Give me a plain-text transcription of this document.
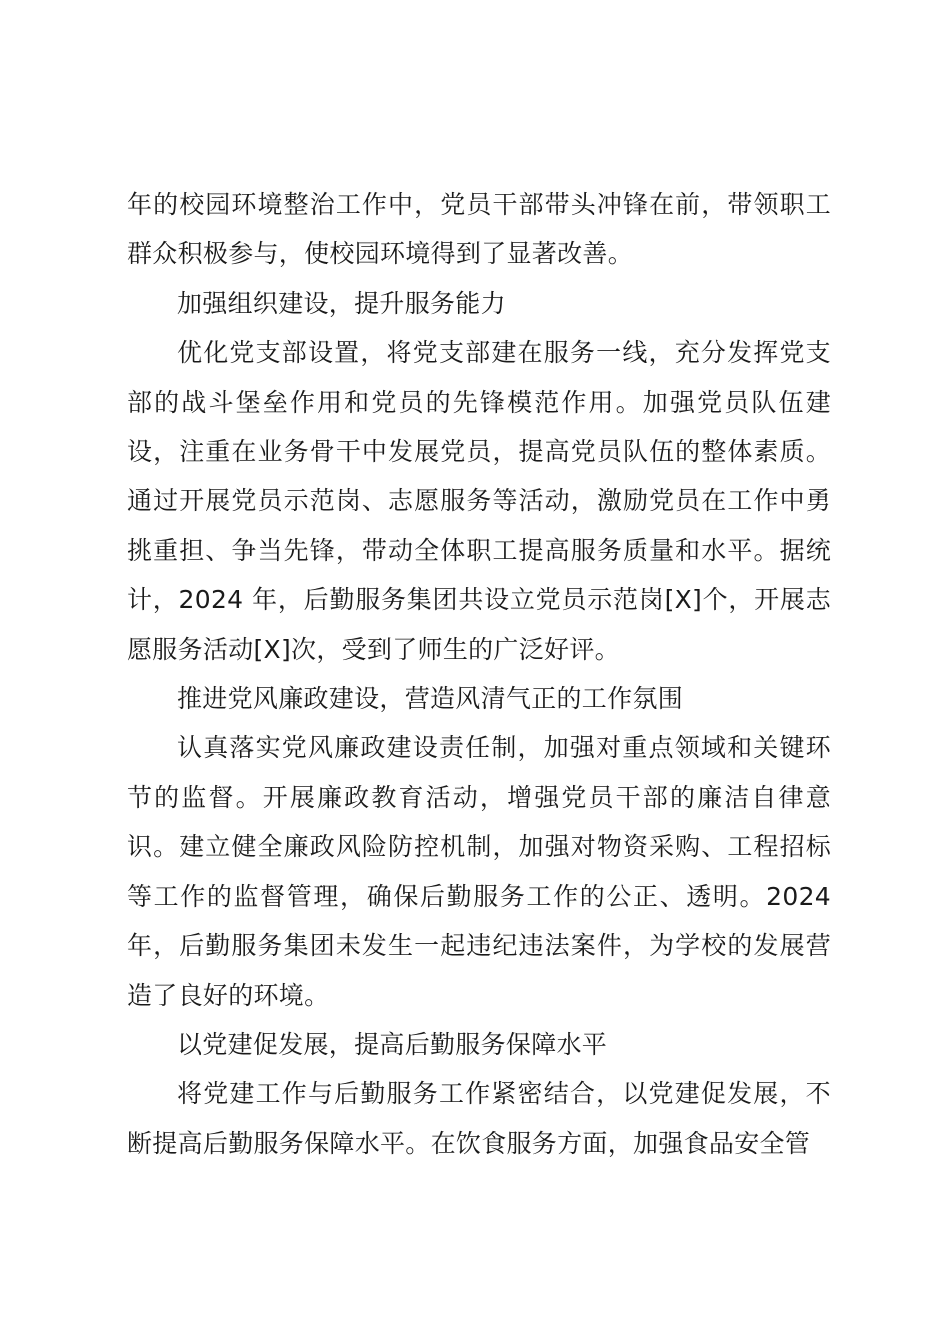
年的校园环境整治工作中，党员干部带头冲锋在前，带领职工群众积极参与，使校园环境得到了显著改善。

加强组织建设，提升服务能力

优化党支部设置，将党支部建在服务一线，充分发挥党支部的战斗堡垒作用和党员的先锋模范作用。加强党员队伍建设，注重在业务骨干中发展党员，提高党员队伍的整体素质。通过开展党员示范岗、志愿服务等活动，激励党员在工作中勇挑重担、争当先锋，带动全体职工提高服务质量和水平。据统计，2024 年，后勤服务集团共设立党员示范岗[X]个，开展志愿服务活动[X]次，受到了师生的广泛好评。

推进党风廉政建设，营造风清气正的工作氛围

认真落实党风廉政建设责任制，加强对重点领域和关键环节的监督。开展廉政教育活动，增强党员干部的廉洁自律意识。建立健全廉政风险防控机制，加强对物资采购、工程招标等工作的监督管理，确保后勤服务工作的公正、透明。2024 年，后勤服务集团未发生一起违纪违法案件，为学校的发展营造了良好的环境。

以党建促发展，提高后勤服务保障水平

将党建工作与后勤服务工作紧密结合，以党建促发展，不断提高后勤服务保障水平。在饮食服务方面，加强食品安全管
